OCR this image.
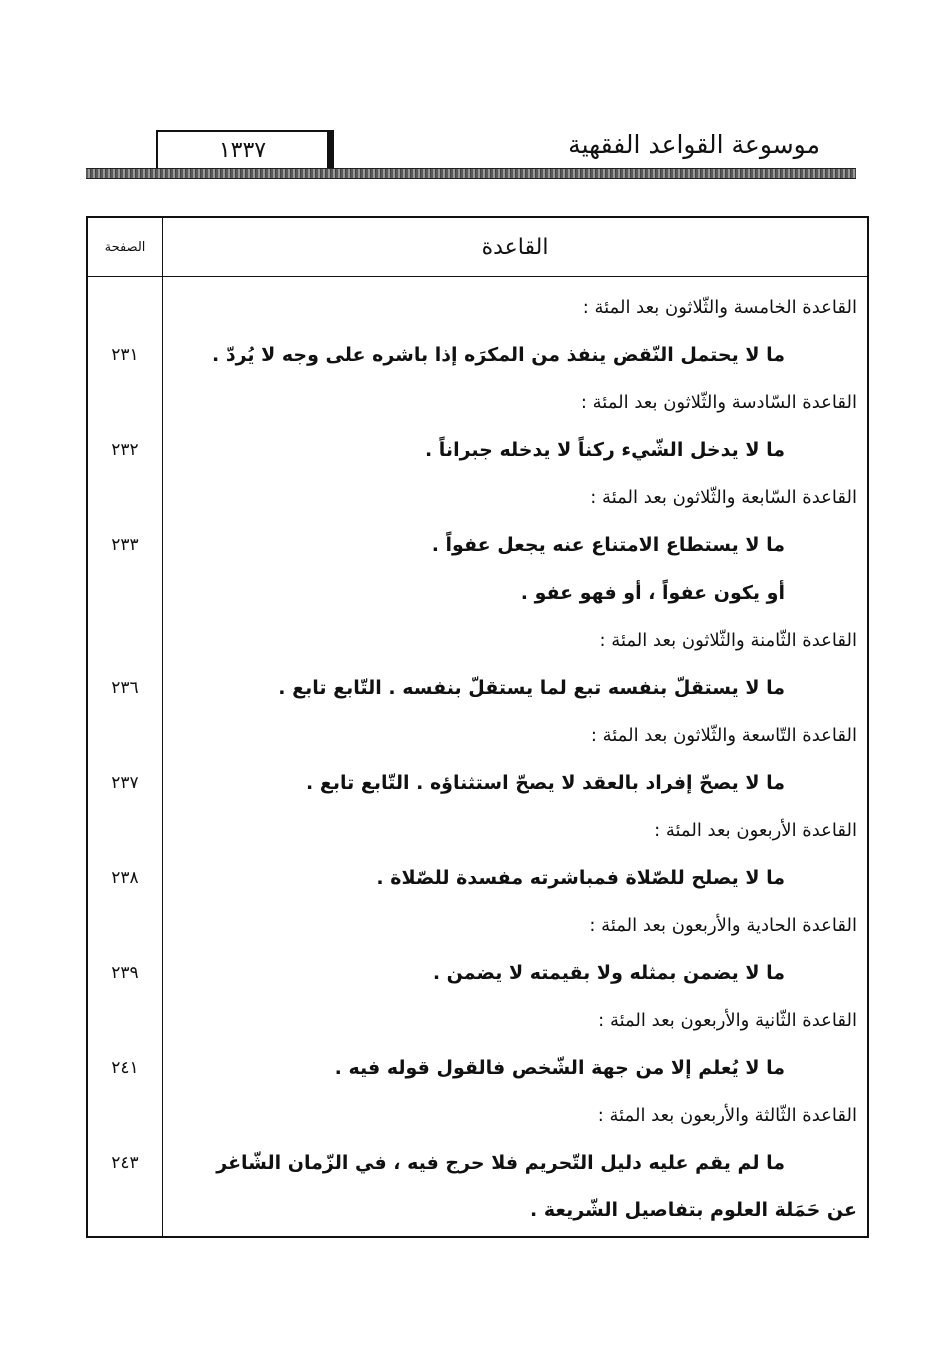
١٣٣٧	موسوعة القواعد الفقهية
الصفحة	القاعدة
القاعدة الخامسة والثّلاثون بعد المئة :
٢٣١	ما لا يحتمل النّقض ينفذ من المكرَه إذا باشره على وجه لا يُردّ .
القاعدة السّادسة والثّلاثون بعد المئة :
٢٣٢	ما لا يدخل الشّيء ركناً لا يدخله جبراناً .
القاعدة السّابعة والثّلاثون بعد المئة :
٢٣٣	ما لا يستطاع الامتناع عنه يجعل عفواً .
أو يكون عفواً ، أو فهو عفو .
القاعدة الثّامنة والثّلاثون بعد المئة :
٢٣٦	ما لا يستقلّ بنفسه تبع لما يستقلّ بنفسه . التّابع تابع .
القاعدة التّاسعة والثّلاثون بعد المئة :
٢٣٧	ما لا يصحّ إفراد بالعقد لا يصحّ استثناؤه . التّابع تابع .
القاعدة الأربعون بعد المئة :
٢٣٨	ما لا يصلح للصّلاة فمباشرته مفسدة للصّلاة .
القاعدة الحادية والأربعون بعد المئة :
٢٣٩	ما لا يضمن بمثله ولا بقيمته لا يضمن .
القاعدة الثّانية والأربعون بعد المئة :
٢٤١	ما لا يُعلم إلا من جهة الشّخص فالقول قوله فيه .
القاعدة الثّالثة والأربعون بعد المئة :
٢٤٣	ما لم يقم عليه دليل التّحريم فلا حرج فيه ، في الزّمان الشّاغر
عن حَمَلة العلوم بتفاصيل الشّريعة .
